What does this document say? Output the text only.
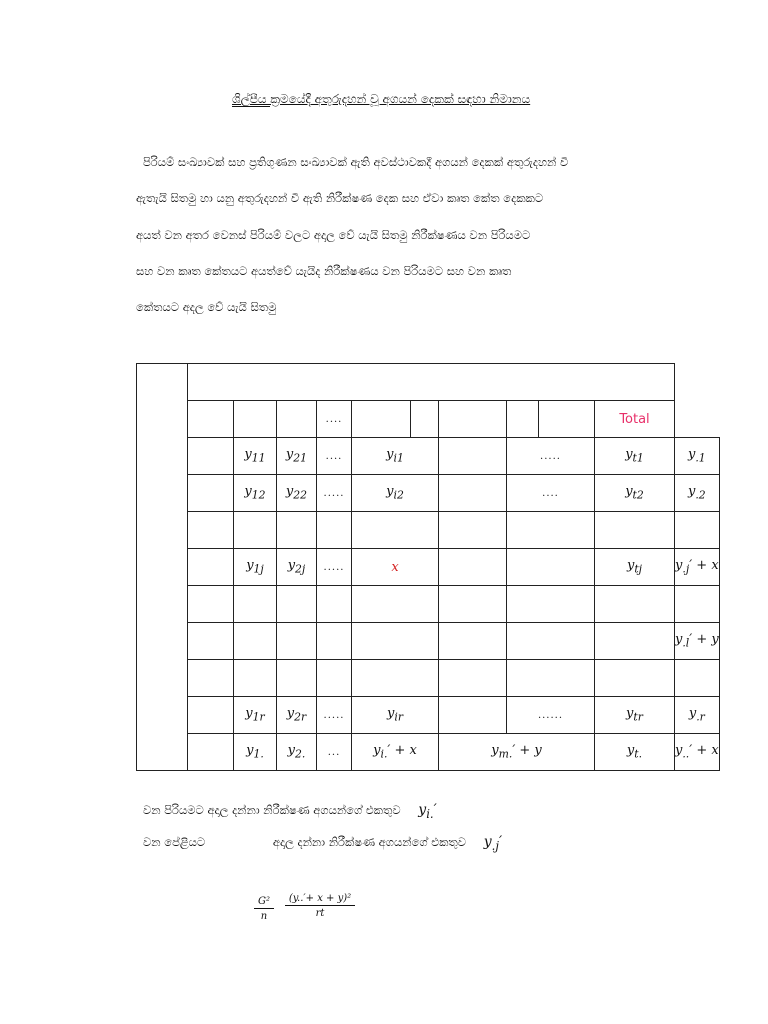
ශිල්පීය ක්‍රමයේදී අතුරුදහන් වූ අගයන් දෙකක් සඳහා නිමානය
පිරියම් සංඛ්‍යාවක් සහ ප්‍රතිගුණන සංඛ්‍යාවක් ඇති අවස්ථාවකදී අගයන් දෙකක් අතුරුදහන් වී
ඇතැයි සිතමු හා යනු අතුරුදහන් වී ඇති නිරීක්ෂණ දෙක සහ ඒවා කෘත කේත දෙකකට
අයත් වන අතර වෙනස් පිරියම් වලට අදාල වේ යැයි සිතමු නිරීක්ෂණය වන පිරියමට
සහ වන කෘත කේතයට අයත්වේ යැයිද නිරීක්ෂණය වන පිරියමට සහ වන කෘත
කේතයට අදල වේ යැයි සිතමු

				....						Total	
		$y_{11}$	$y_{21}$	....	$y_{i1}$			.....		$y_{t1}$	$y_{.1}$
		$y_{12}$	$y_{22}$	.....	$y_{i2}$			....		$y_{t2}$	$y_{.2}$

		$y_{1j}$	$y_{2j}$	.....	x					$y_{tj}$	$y_{.j}' + x$

											$y_{.l}' + y$

		$y_{1r}$	$y_{2r}$	.....	$y_{ir}$			......		$y_{tr}$	$y_{.r}$
		$y_{1.}$	$y_{2.}$	...	$y_{i.}' + x$		$y_{m.}' + y$			$y_{t.}$	$y_{..}' + x$
වන පිරියමට අදාල දන්නා නිරීක්ෂණ අගයන්ගේ එකතුව $y_{i.}'$
වන පේළියට	අදාල දන්නා නිරීක්ෂණ අගයන්ගේ එකතුව $y_{.j}'$
$\frac{\text{G²}}{n} \frac{\text{(y..′+ x + y)²}}{rt}$
